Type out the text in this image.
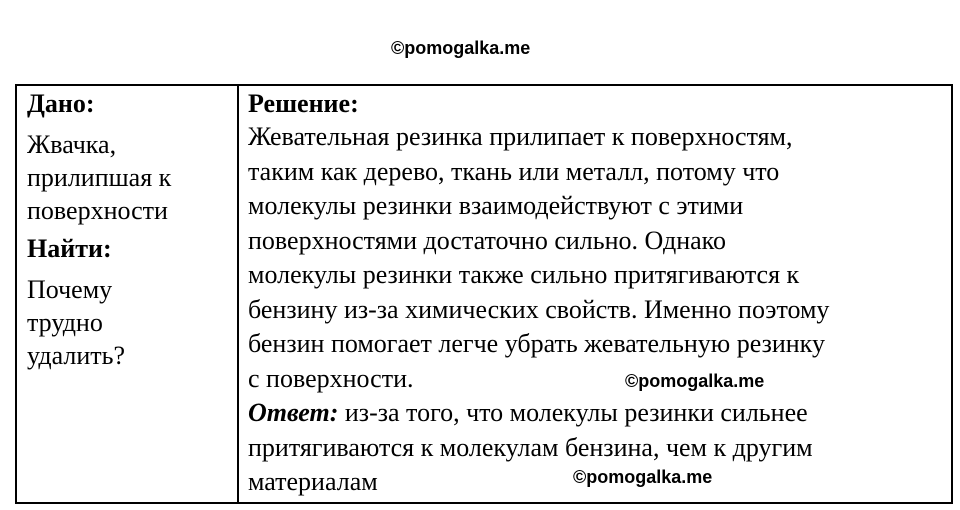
©pomogalka.me
Дано:
Жвачка,
прилипшая к
поверхности
Найти:
Почему
трудно
удалить?
Решение:
Жевательная резинка прилипает к поверхностям,
таким как дерево, ткань или металл, потому что
молекулы резинки взаимодействуют с этими
поверхностями достаточно сильно. Однако
молекулы резинки также сильно притягиваются к
бензину из-за химических свойств. Именно поэтому
бензин помогает легче убрать жевательную резинку
с поверхности.
Ответ: из-за того, что молекулы резинки сильнее
притягиваются к молекулам бензина, чем к другим
материалам
©pomogalka.me
©pomogalka.me
